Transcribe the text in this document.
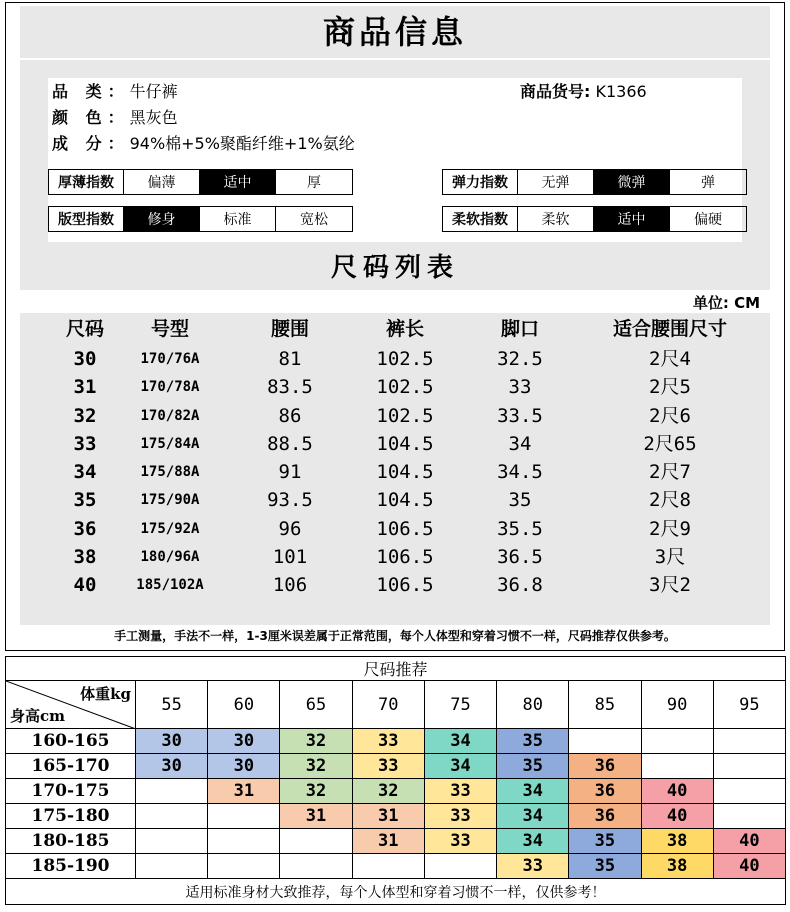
商品信息
品 类：牛仔裤
颜 色：黑灰色
成 分：94%棉+5%聚酯纤维+1%氨纶
商品货号: K1366
厚薄指数	偏薄	适中	厚	弹力指数	无弹	微弹	弹
版型指数	修身	标准	宽松	柔软指数	柔软	适中	偏硬
尺码列表
单位: CM
尺码	号型	腰围	裤长	脚口	适合腰围尺寸
30	170/76A	81	102.5	32.5	2尺4
31	170/78A	83.5	102.5	33	2尺5
32	170/82A	86	102.5	33.5	2尺6
33	175/84A	88.5	104.5	34	2尺65
34	175/88A	91	104.5	34.5	2尺7
35	175/90A	93.5	104.5	35	2尺8
36	175/92A	96	106.5	35.5	2尺9
38	180/96A	101	106.5	36.5	3尺
40	185/102A	106	106.5	36.8	3尺2
手工测量，手法不一样，1-3厘米误差属于正常范围，每个人体型和穿着习惯不一样，尺码推荐仅供参考。
尺码推荐									

体重kg
身高cm	55	60	65	70	75	80	85	90	95
160-165	30	30	32	33	34	35			
165-170	30	30	32	33	34	35	36		
170-175		31	32	32	33	34	36	40	
175-180			31	31	33	34	36	40	
180-185				31	33	34	35	38	40
185-190						33	35	38	40
适用标准身材大致推荐，每个人体型和穿着习惯不一样，仅供参考！									
